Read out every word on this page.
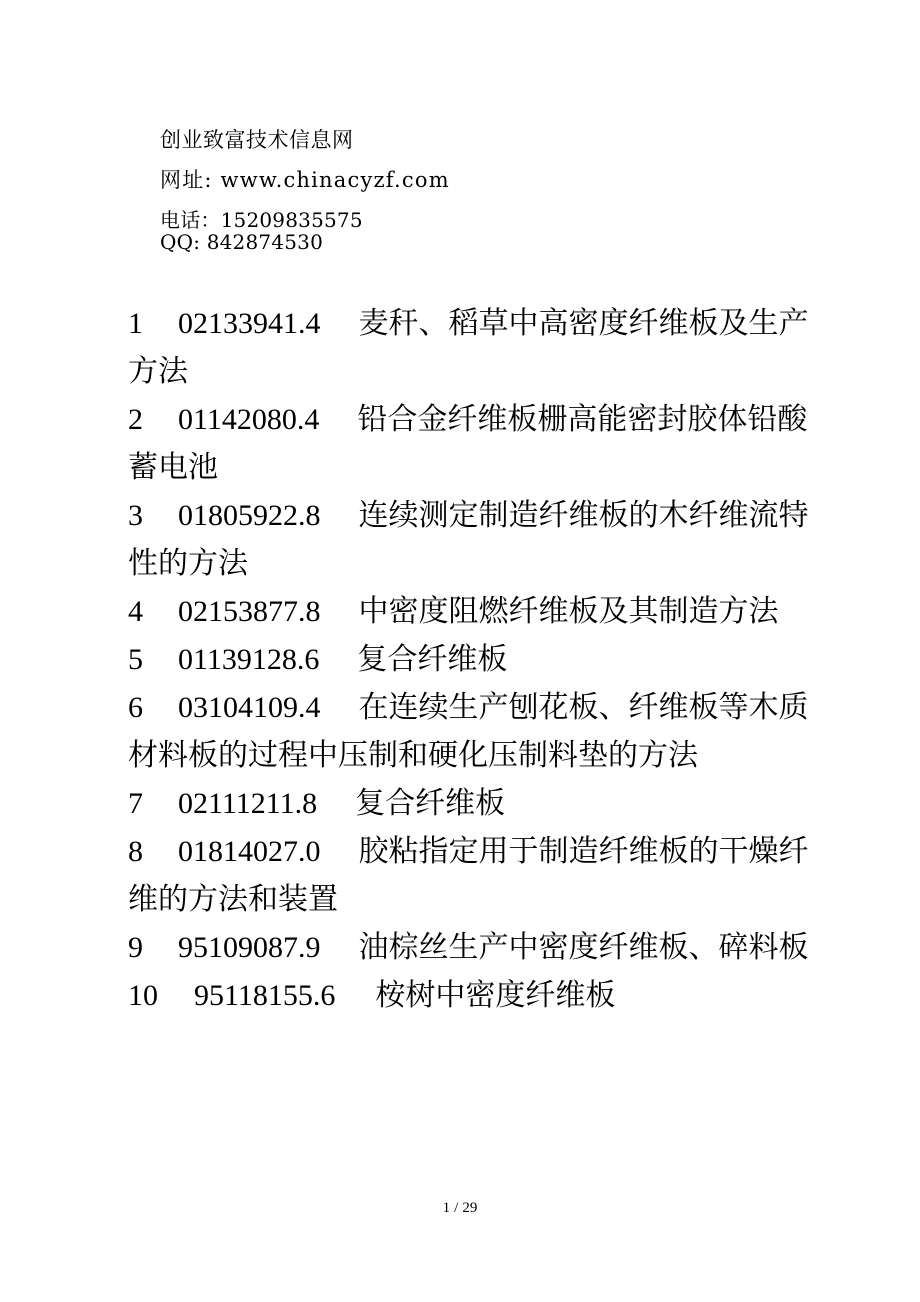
创业致富技术信息网
网址: www.chinacyzf.com
电话：15209835575
QQ: 842874530

1 02133941.4 麦秆、稻草中高密度纤维板及生产方法

2 01142080.4 铅合金纤维板栅高能密封胶体铅酸蓄电池

3 01805922.8 连续测定制造纤维板的木纤维流特性的方法

4 02153877.8 中密度阻燃纤维板及其制造方法

5 01139128.6 复合纤维板

6 03104109.4 在连续生产刨花板、纤维板等木质材料板的过程中压制和硬化压制料垫的方法

7 02111211.8 复合纤维板

8 01814027.0 胶粘指定用于制造纤维板的干燥纤维的方法和装置

9 95109087.9 油棕丝生产中密度纤维板、碎料板

10 95118155.6 桉树中密度纤维板

1 / 29
